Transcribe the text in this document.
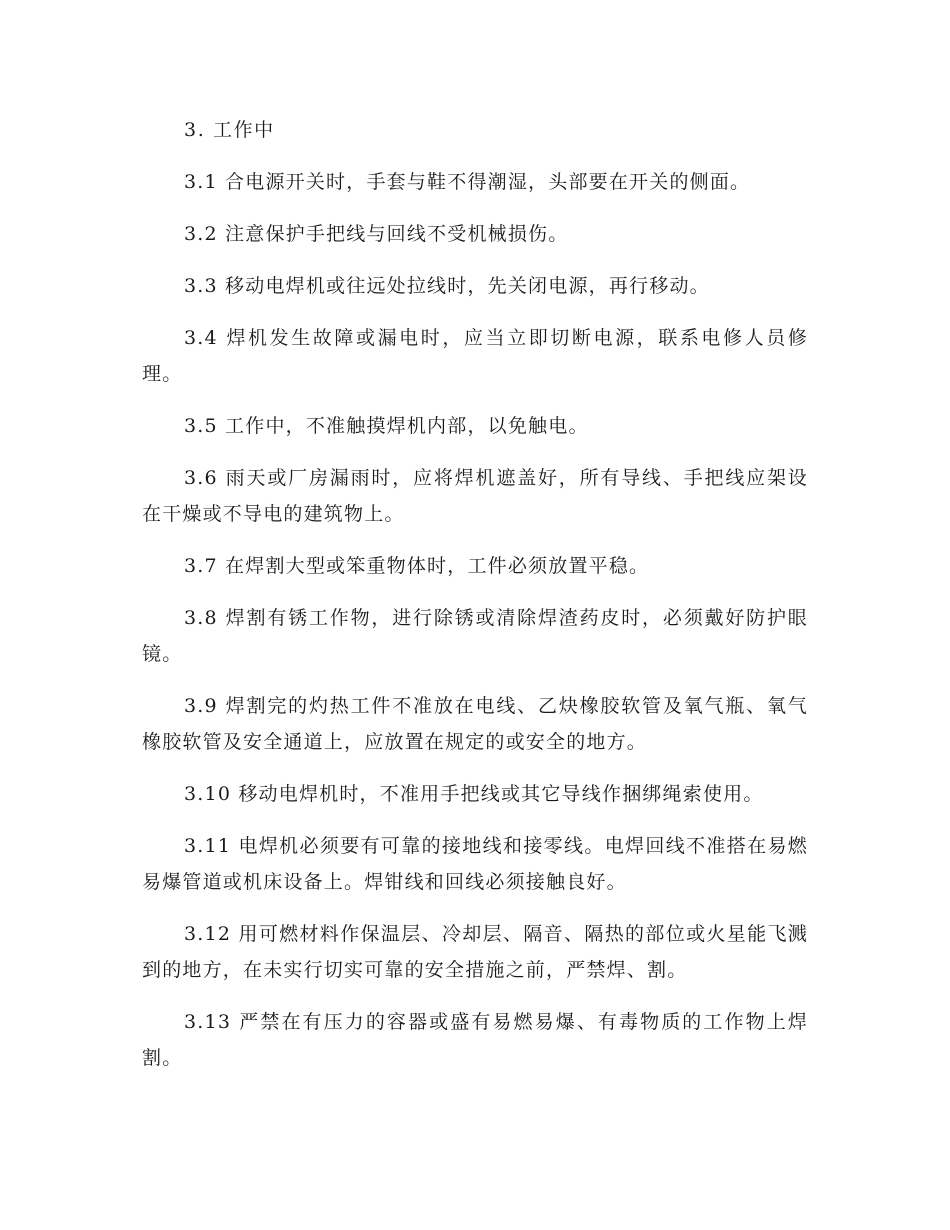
3. 工作中

3.1 合电源开关时，手套与鞋不得潮湿，头部要在开关的侧面。

3.2 注意保护手把线与回线不受机械损伤。

3.3 移动电焊机或往远处拉线时，先关闭电源，再行移动。

3.4 焊机发生故障或漏电时，应当立即切断电源，联系电修人员修理。

3.5 工作中，不准触摸焊机内部，以免触电。

3.6 雨天或厂房漏雨时，应将焊机遮盖好，所有导线、手把线应架设在干燥或不导电的建筑物上。

3.7 在焊割大型或笨重物体时，工件必须放置平稳。

3.8 焊割有锈工作物，进行除锈或清除焊渣药皮时，必须戴好防护眼镜。

3.9 焊割完的灼热工件不准放在电线、乙炔橡胶软管及氧气瓶、氧气橡胶软管及安全通道上，应放置在规定的或安全的地方。

3.10 移动电焊机时，不准用手把线或其它导线作捆绑绳索使用。

3.11 电焊机必须要有可靠的接地线和接零线。电焊回线不准搭在易燃易爆管道或机床设备上。焊钳线和回线必须接触良好。

3.12 用可燃材料作保温层、冷却层、隔音、隔热的部位或火星能飞溅到的地方，在未实行切实可靠的安全措施之前，严禁焊、割。

3.13 严禁在有压力的容器或盛有易燃易爆、有毒物质的工作物上焊割。
